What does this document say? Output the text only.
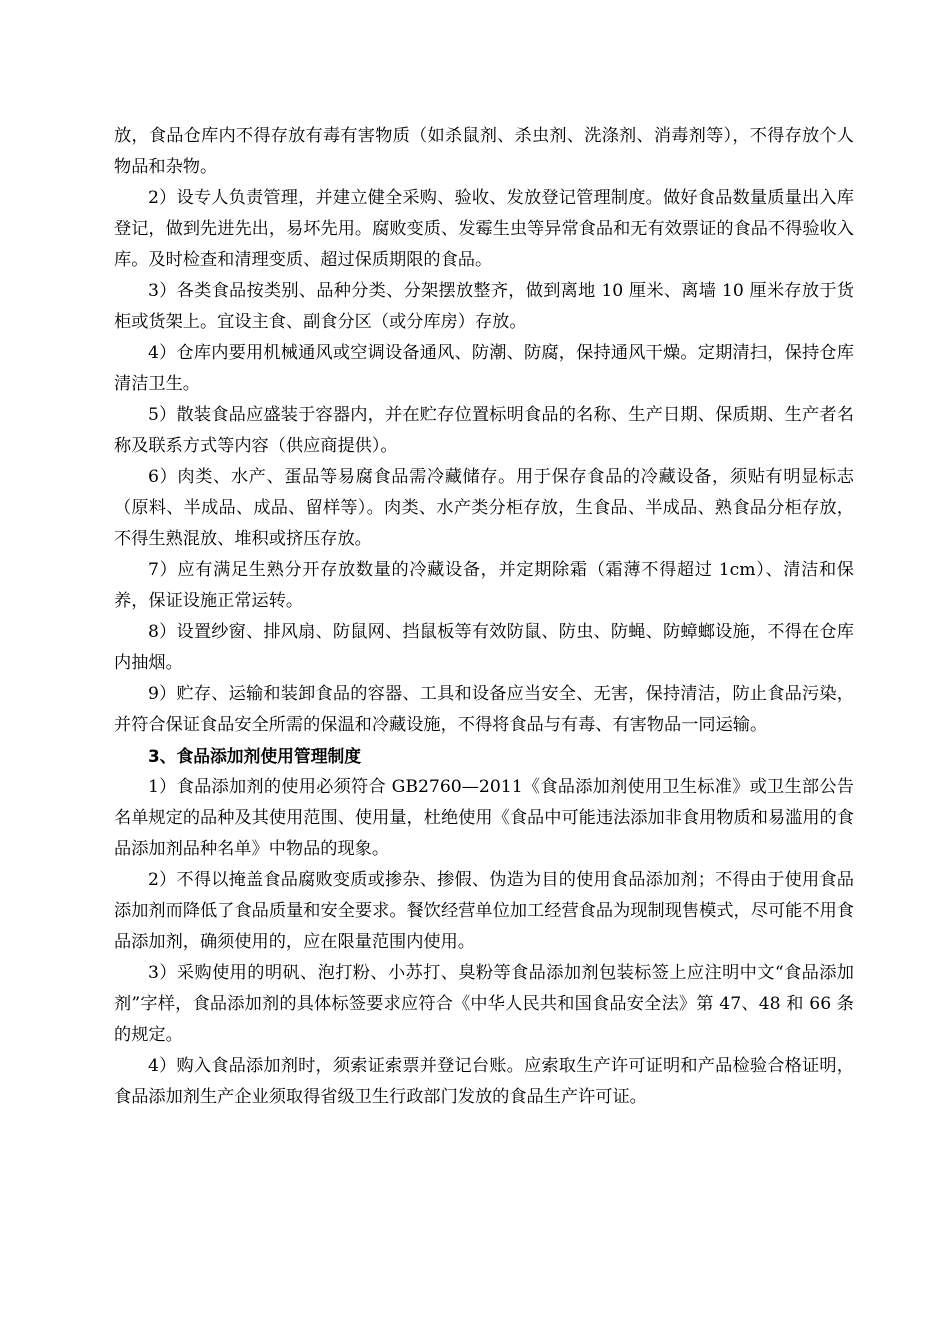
放，食品仓库内不得存放有毒有害物质（如杀鼠剂、杀虫剂、洗涤剂、消毒剂等），不得存放个人物品和杂物。

2）设专人负责管理，并建立健全采购、验收、发放登记管理制度。做好食品数量质量出入库登记，做到先进先出，易坏先用。腐败变质、发霉生虫等异常食品和无有效票证的食品不得验收入库。及时检查和清理变质、超过保质期限的食品。

3）各类食品按类别、品种分类、分架摆放整齐，做到离地 10 厘米、离墙 10 厘米存放于货柜或货架上。宜设主食、副食分区（或分库房）存放。

4）仓库内要用机械通风或空调设备通风、防潮、防腐，保持通风干燥。定期清扫，保持仓库清洁卫生。

5）散装食品应盛装于容器内，并在贮存位置标明食品的名称、生产日期、保质期、生产者名称及联系方式等内容（供应商提供）。

6）肉类、水产、蛋品等易腐食品需冷藏储存。用于保存食品的冷藏设备，须贴有明显标志（原料、半成品、成品、留样等）。肉类、水产类分柜存放，生食品、半成品、熟食品分柜存放，不得生熟混放、堆积或挤压存放。

7）应有满足生熟分开存放数量的冷藏设备，并定期除霜（霜薄不得超过 1cm）、清洁和保养，保证设施正常运转。

8）设置纱窗、排风扇、防鼠网、挡鼠板等有效防鼠、防虫、防蝇、防蟑螂设施，不得在仓库内抽烟。

9）贮存、运输和装卸食品的容器、工具和设备应当安全、无害，保持清洁，防止食品污染，并符合保证食品安全所需的保温和冷藏设施，不得将食品与有毒、有害物品一同运输。

3、食品添加剂使用管理制度

1）食品添加剂的使用必须符合 GB2760—2011《食品添加剂使用卫生标准》或卫生部公告名单规定的品种及其使用范围、使用量，杜绝使用《食品中可能违法添加非食用物质和易滥用的食品添加剂品种名单》中物品的现象。

2）不得以掩盖食品腐败变质或掺杂、掺假、伪造为目的使用食品添加剂；不得由于使用食品添加剂而降低了食品质量和安全要求。餐饮经营单位加工经营食品为现制现售模式，尽可能不用食品添加剂，确须使用的，应在限量范围内使用。

3）采购使用的明矾、泡打粉、小苏打、臭粉等食品添加剂包装标签上应注明中文“食品添加剂”字样，食品添加剂的具体标签要求应符合《中华人民共和国食品安全法》第 47、48 和 66 条的规定。

4）购入食品添加剂时，须索证索票并登记台账。应索取生产许可证明和产品检验合格证明，食品添加剂生产企业须取得省级卫生行政部门发放的食品生产许可证。
